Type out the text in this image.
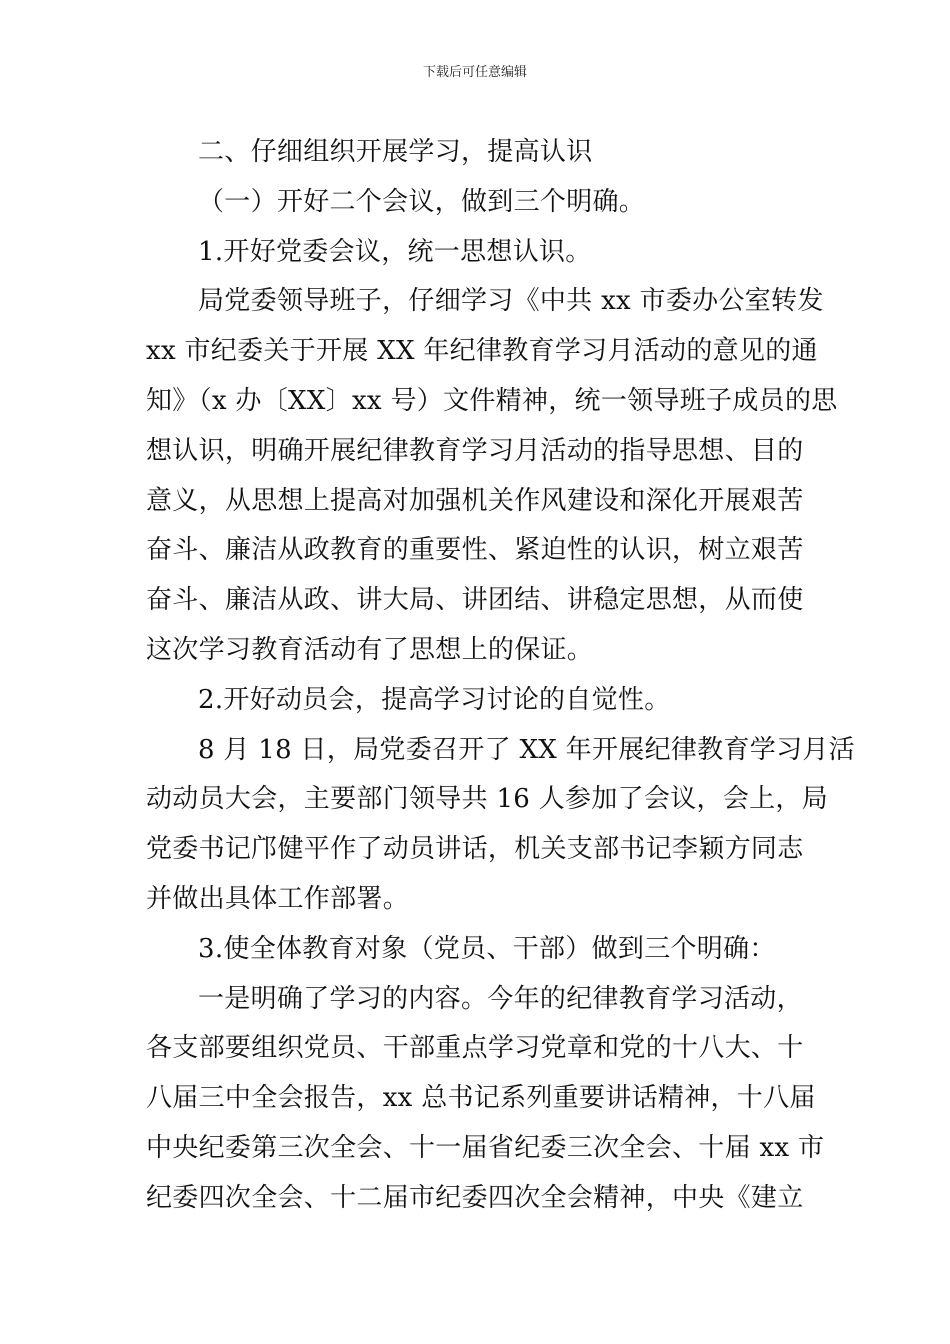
下载后可任意编辑
二、仔细组织开展学习，提高认识
（一）开好二个会议，做到三个明确。
1.开好党委会议，统一思想认识。
局党委领导班子，仔细学习《中共 xx 市委办公室转发
xx 市纪委关于开展 XX 年纪律教育学习月活动的意见的通
知》（x 办〔XX〕xx 号）文件精神，统一领导班子成员的思
想认识，明确开展纪律教育学习月活动的指导思想、目的
意义，从思想上提高对加强机关作风建设和深化开展艰苦
奋斗、廉洁从政教育的重要性、紧迫性的认识，树立艰苦
奋斗、廉洁从政、讲大局、讲团结、讲稳定思想，从而使
这次学习教育活动有了思想上的保证。
2.开好动员会，提高学习讨论的自觉性。
8 月 18 日，局党委召开了 XX 年开展纪律教育学习月活
动动员大会，主要部门领导共 16 人参加了会议，会上，局
党委书记邝健平作了动员讲话，机关支部书记李颖方同志
并做出具体工作部署。
3.使全体教育对象（党员、干部）做到三个明确：
一是明确了学习的内容。今年的纪律教育学习活动，
各支部要组织党员、干部重点学习党章和党的十八大、十
八届三中全会报告，xx 总书记系列重要讲话精神，十八届
中央纪委第三次全会、十一届省纪委三次全会、十届 xx 市
纪委四次全会、十二届市纪委四次全会精神，中央《建立
